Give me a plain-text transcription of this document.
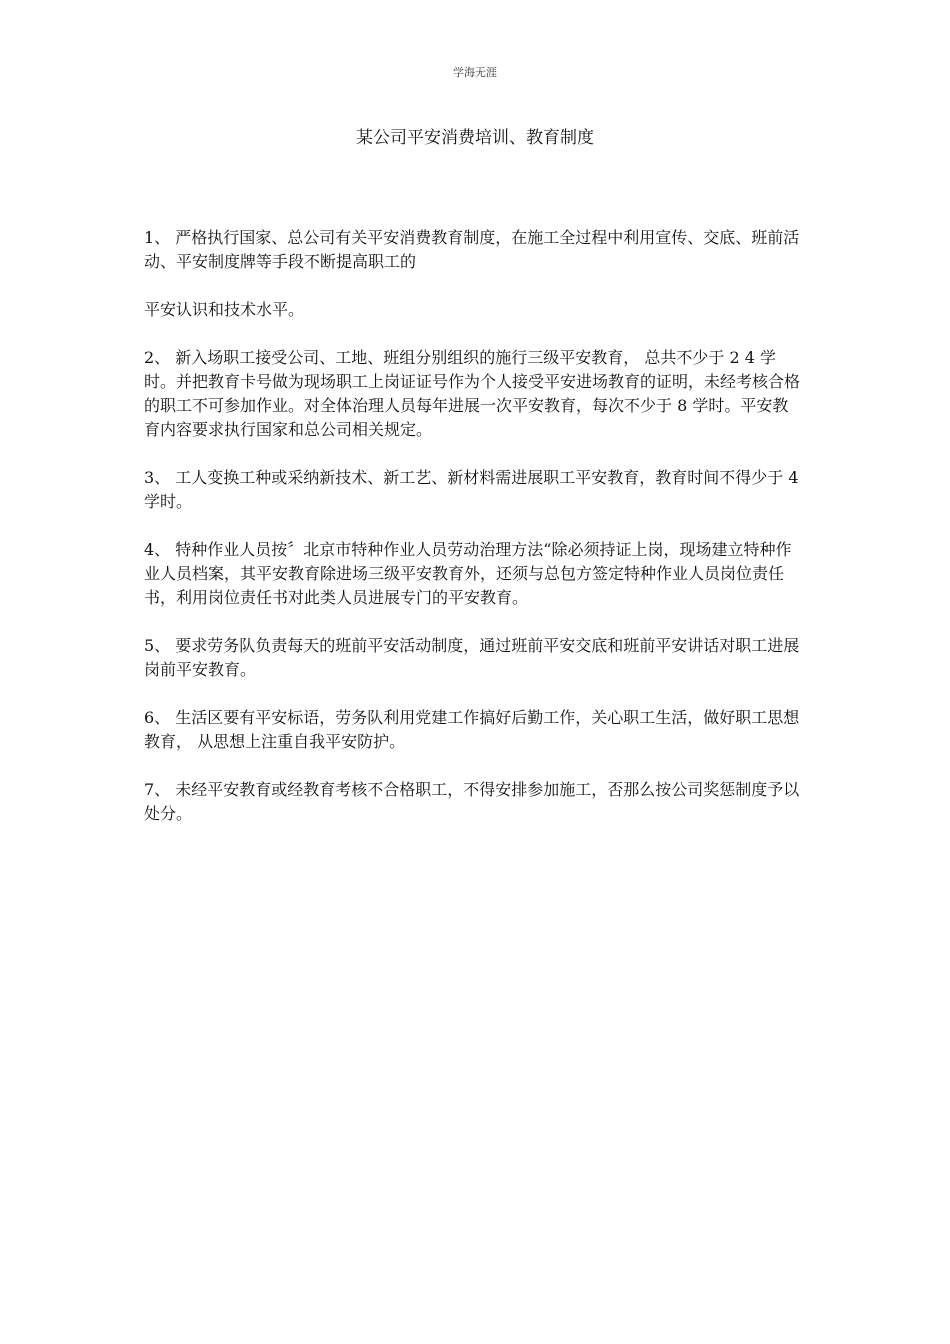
学海无涯
某公司平安消费培训、教育制度

1、 严格执行国家、总公司有关平安消费教育制度，在施工全过程中利用宣传、交底、班前活动、平安制度牌等手段不断提高职工的

平安认识和技术水平。

2、 新入场职工接受公司、工地、班组分别组织的施行三级平安教育， 总共不少于 2 4 学时。并把教育卡号做为现场职工上岗证证号作为个人接受平安进场教育的证明，未经考核合格的职工不可参加作业。对全体治理人员每年进展一次平安教育，每次不少于 8 学时。平安教育内容要求执行国家和总公司相关规定。

3、 工人变换工种或采纳新技术、新工艺、新材料需进展职工平安教育，教育时间不得少于 4 学时。

4、 特种作业人员按〞北京市特种作业人员劳动治理方法“除必须持证上岗，现场建立特种作业人员档案，其平安教育除进场三级平安教育外，还须与总包方签定特种作业人员岗位责任书，利用岗位责任书对此类人员进展专门的平安教育。

5、 要求劳务队负责每天的班前平安活动制度，通过班前平安交底和班前平安讲话对职工进展岗前平安教育。

6、 生活区要有平安标语，劳务队利用党建工作搞好后勤工作，关心职工生活，做好职工思想教育， 从思想上注重自我平安防护。

7、 未经平安教育或经教育考核不合格职工，不得安排参加施工，否那么按公司奖惩制度予以处分。
